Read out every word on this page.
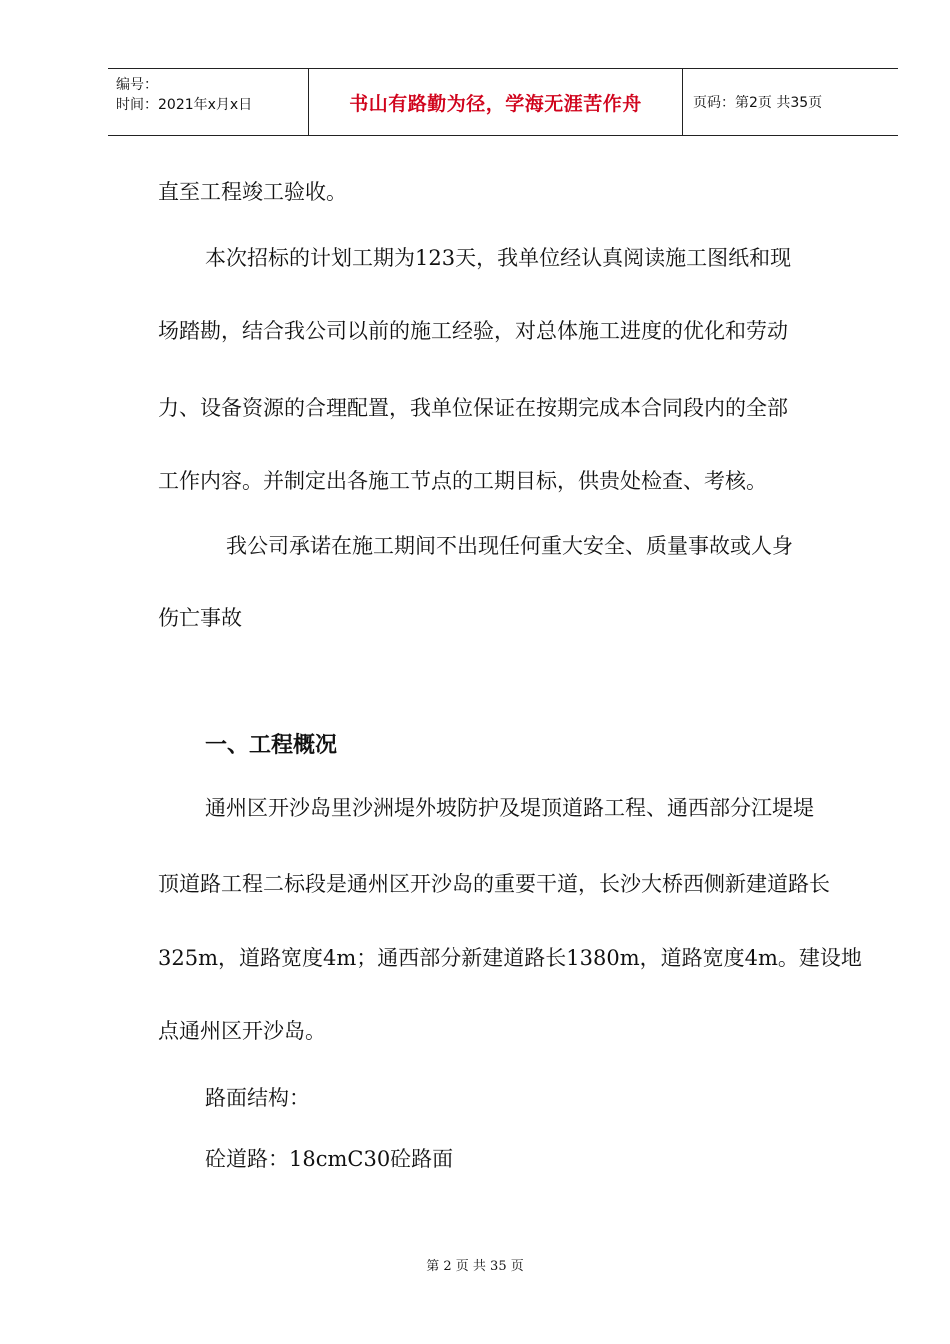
编号：
时间：2021年x月x日	书山有路勤为径，学海无涯苦作舟	页码：第2页 共35页
直至工程竣工验收。
本次招标的计划工期为123天，我单位经认真阅读施工图纸和现
场踏勘，结合我公司以前的施工经验，对总体施工进度的优化和劳动
力、设备资源的合理配置，我单位保证在按期完成本合同段内的全部
工作内容。并制定出各施工节点的工期目标，供贵处检查、考核。
我公司承诺在施工期间不出现任何重大安全、质量事故或人身
伤亡事故
一、工程概况
通州区开沙岛里沙洲堤外坡防护及堤顶道路工程、通西部分江堤堤
顶道路工程二标段是通州区开沙岛的重要干道，长沙大桥西侧新建道路长
325m，道路宽度4m；通西部分新建道路长1380m，道路宽度4m。建设地
点通州区开沙岛。
路面结构：
砼道路：18cmC30砼路面
第 2 页 共 35 页
